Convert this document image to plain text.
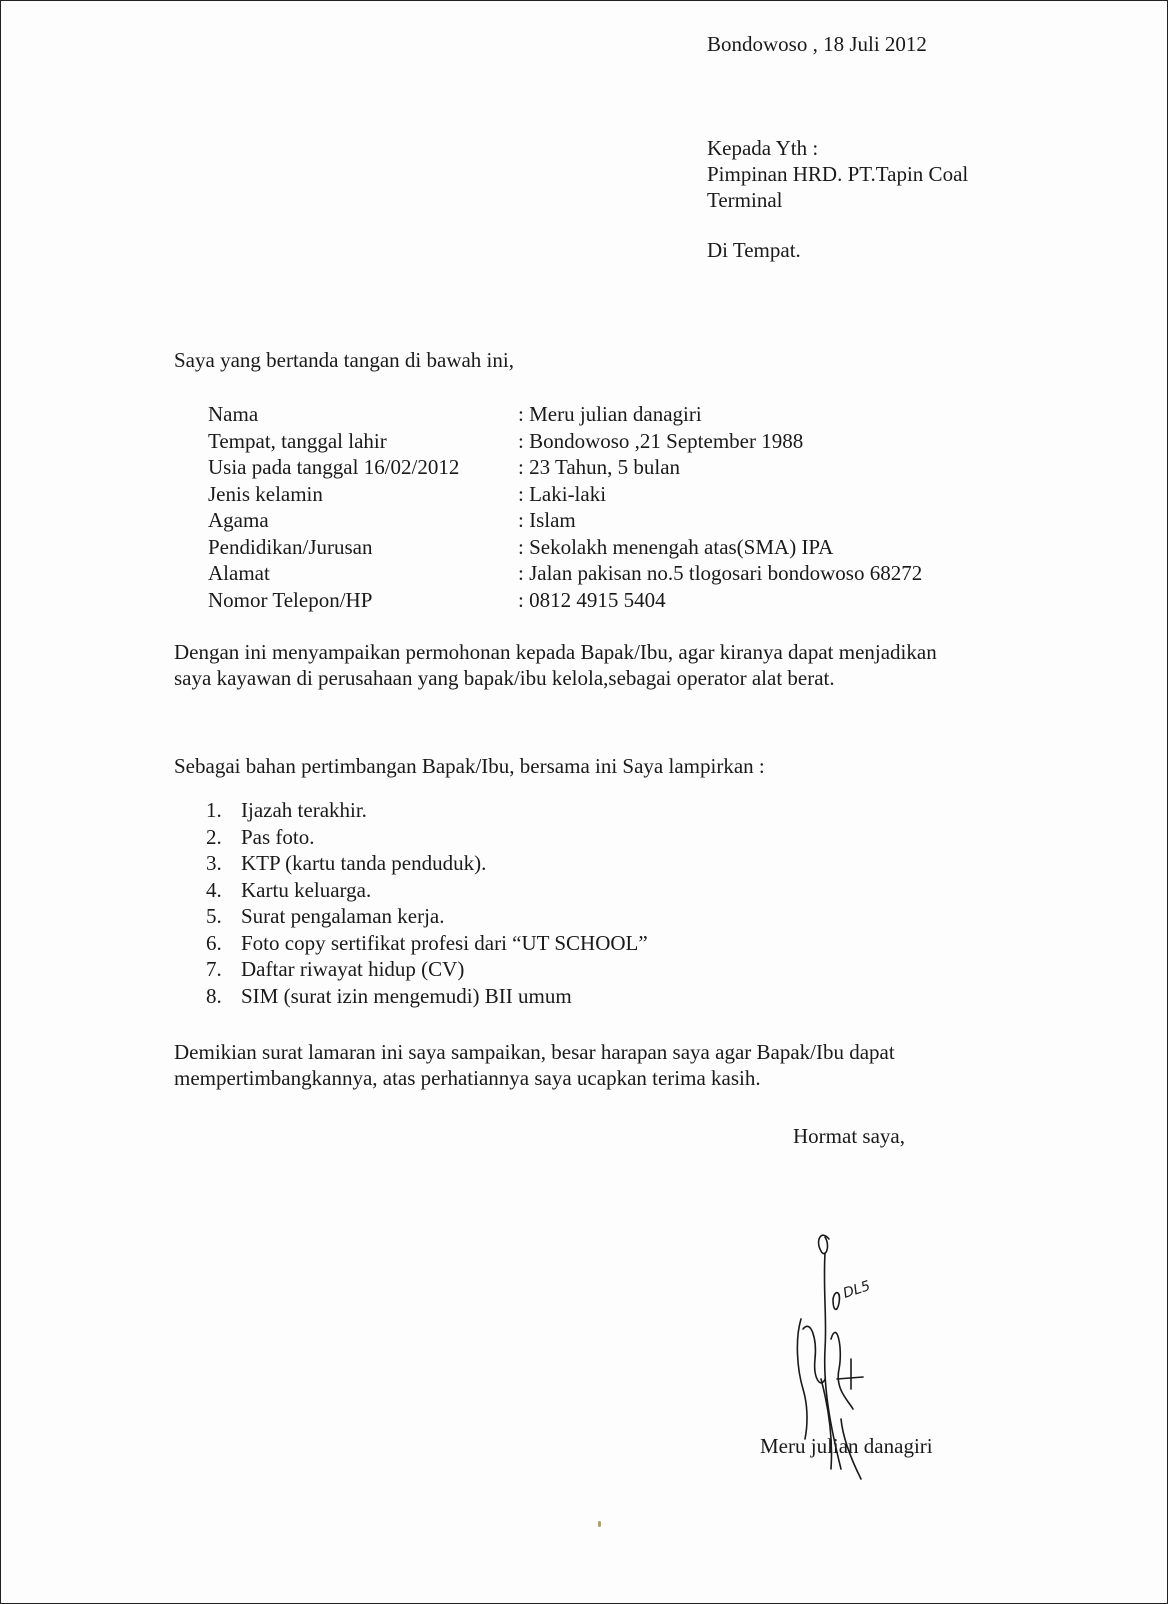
Bondowoso , 18 Juli 2012
Kepada Yth :
Pimpinan HRD. PT.Tapin Coal
Terminal
Di Tempat.
Saya yang bertanda tangan di bawah ini,
Nama	: Meru julian danagiri
Tempat, tanggal lahir	: Bondowoso ,21 September 1988
Usia pada tanggal 16/02/2012	: 23 Tahun, 5 bulan
Jenis kelamin	: Laki-laki
Agama	: Islam
Pendidikan/Jurusan	: Sekolakh menengah atas(SMA) IPA
Alamat	: Jalan pakisan no.5 tlogosari bondowoso 68272
Nomor Telepon/HP	: 0812 4915 5404
Dengan ini menyampaikan permohonan kepada Bapak/Ibu, agar kiranya dapat menjadikan saya kayawan di perusahaan yang bapak/ibu kelola,sebagai operator alat berat.
Sebagai bahan pertimbangan Bapak/Ibu, bersama ini Saya lampirkan :
Ijazah terakhir.
Pas foto.
KTP (kartu tanda penduduk).
Kartu keluarga.
Surat pengalaman kerja.
Foto copy sertifikat profesi dari “UT SCHOOL”
Daftar riwayat hidup (CV)
SIM (surat izin mengemudi) BII umum
Demikian surat lamaran ini saya sampaikan, besar harapan saya agar Bapak/Ibu dapat mempertimbangkannya, atas perhatiannya saya ucapkan terima kasih.
Hormat saya,
DL5
Meru julian danagiri
